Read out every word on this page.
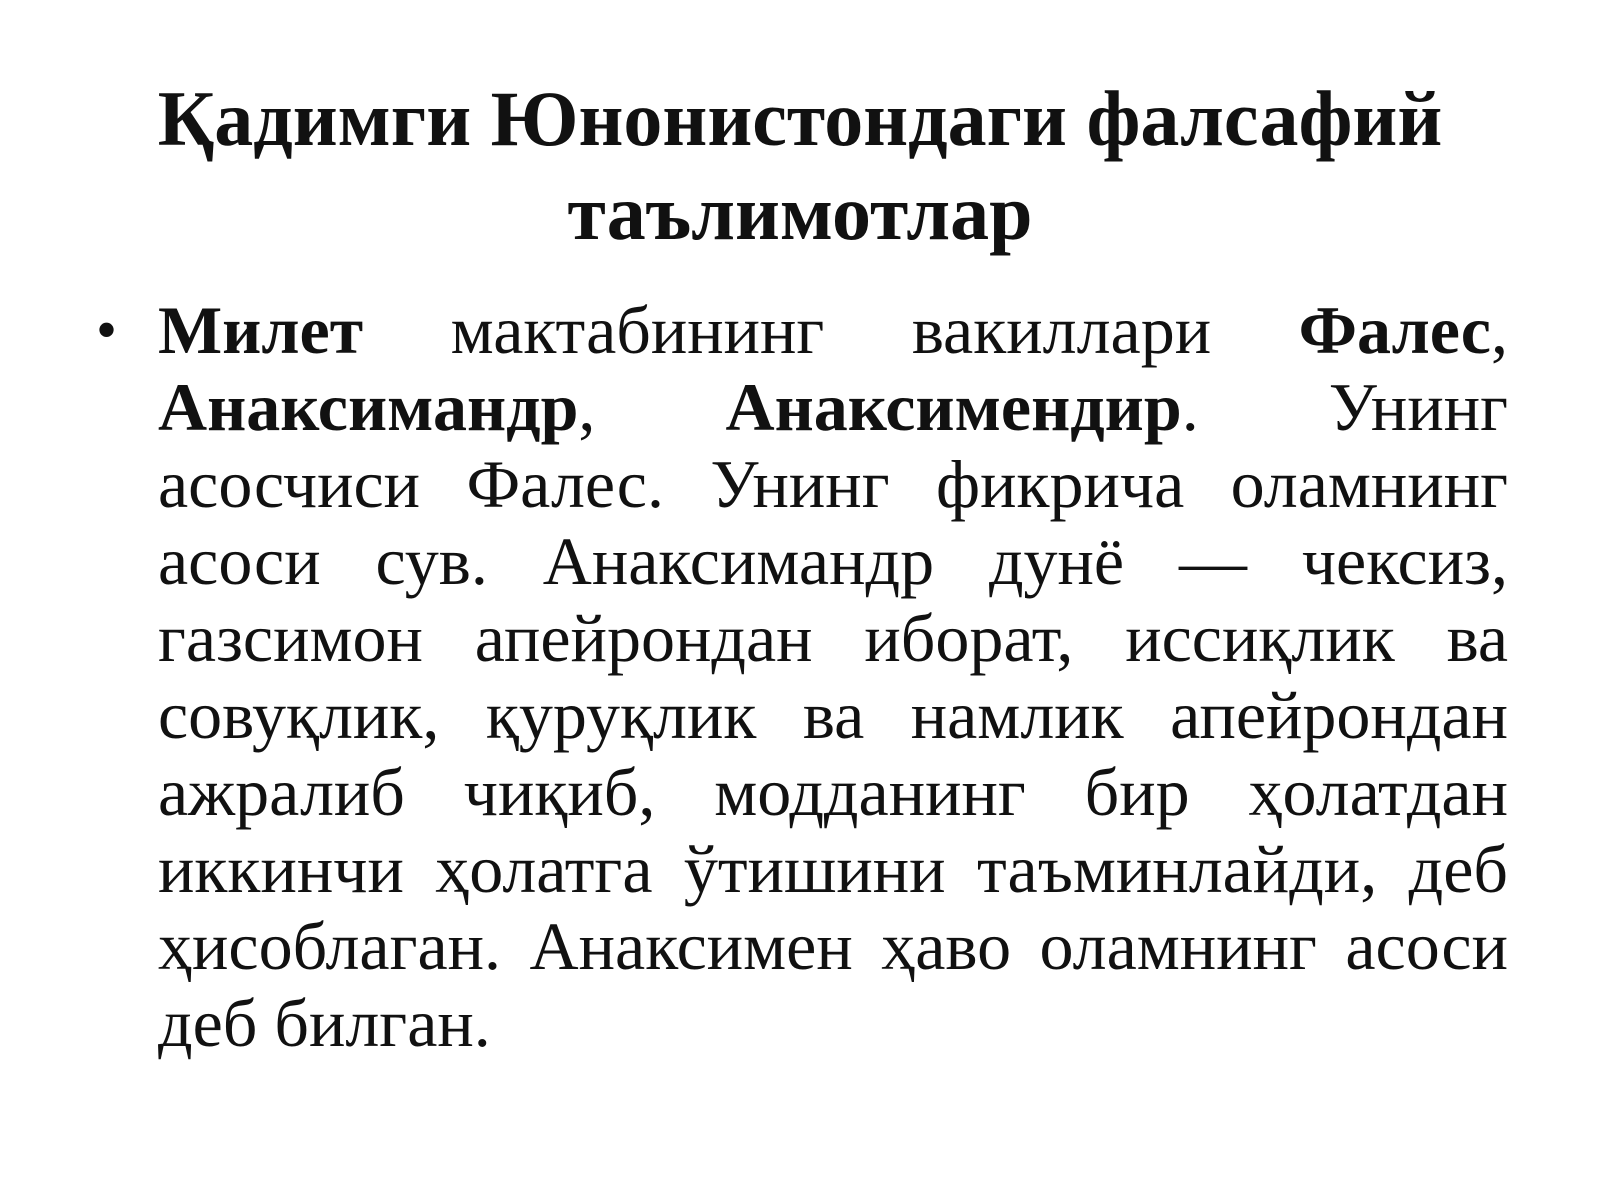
Қадимги Юнонистондаги фалсафий
таълимотлар
• Милет мактабининг вакиллари Фалес, Анаксимандр, Анаксимендир. Унинг асосчиси Фалес. Унинг фикрича оламнинг асоси сув. Анаксимандр дунё — чексиз, газсимон апейрондан иборат, иссиқлик ва совуқлик, қуруқлик ва намлик апейрондан ажралиб чиқиб, модданинг бир ҳолатдан иккинчи ҳолатга ўтишини таъминлайди, деб ҳисоблаган. Анаксимен ҳаво оламнинг асоси деб билган.
